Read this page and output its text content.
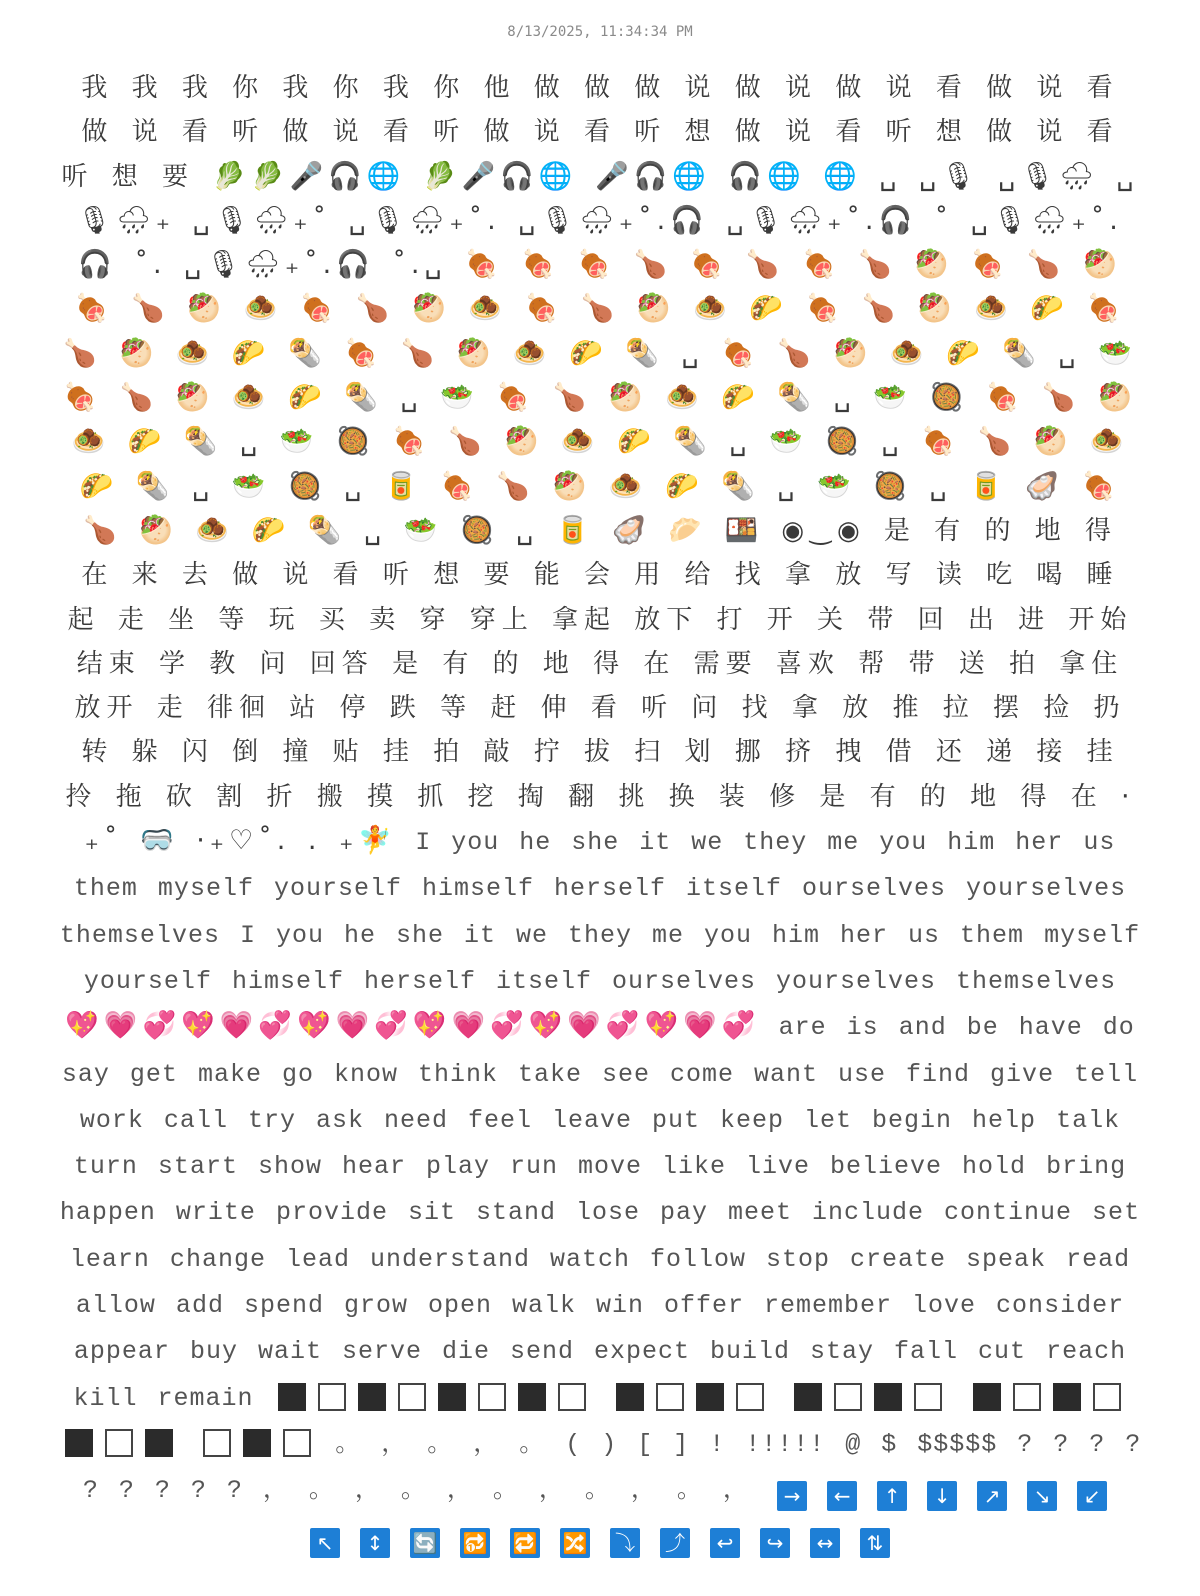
8/13/2025, 11:34:34 PM
我 我 我 你 我 你 我 你 他 做 做 做 说 做 说 做 说 看 做 说 看 做 说 看 听 做 说 看 听 做 说 看 听 想 做 说 看 听 想 做 说 看 听 想 要 🥬🥬🎤🎧🌐 🥬🎤🎧🌐 🎤🎧🌐 🎧🌐 🌐 ␣ ␣🎙 ␣🎙🌧 ␣🎙🌧₊ ␣🎙🌧₊˚ ␣🎙🌧₊˚. ␣🎙🌧₊˚.🎧 ␣🎙🌧₊˚.🎧 ˚ ␣🎙🌧₊˚.🎧 ˚. ␣🎙🌧₊˚.🎧 ˚.␣ 🍖 🍖 🍖 🍗 🍖 🍗 🍖 🍗 🥙 🍖 🍗 🥙 🍖 🍗 🥙 🧆 🍖 🍗 🥙 🧆 🍖 🍗 🥙 🧆 🌮 🍖 🍗 🥙 🧆 🌮 🍖 🍗 🥙 🧆 🌮 🌯 🍖 🍗 🥙 🧆 🌮 🌯 ␣ 🍖 🍗 🥙 🧆 🌮 🌯 ␣ 🥗 🍖 🍗 🥙 🧆 🌮 🌯 ␣ 🥗 🍖 🍗 🥙 🧆 🌮 🌯 ␣ 🥗 🥘 🍖 🍗 🥙 🧆 🌮 🌯 ␣ 🥗 🥘 🍖 🍗 🥙 🧆 🌮 🌯 ␣ 🥗 🥘 ␣ 🍖 🍗 🥙 🧆 🌮 🌯 ␣ 🥗 🥘 ␣ 🥫 🍖 🍗 🥙 🧆 🌮 🌯 ␣ 🥗 🥘 ␣ 🥫 🦪 🍖 🍗 🥙 🧆 🌮 🌯 ␣ 🥗 🥘 ␣ 🥫 🦪 🥟 🍱 ◉‿◉ 是 有 的 地 得 在 来 去 做 说 看 听 想 要 能 会 用 给 找 拿 放 写 读 吃 喝 睡 起 走 坐 等 玩 买 卖 穿 穿上 拿起 放下 打 开 关 带 回 出 进 开始 结束 学 教 问 回答 是 有 的 地 得 在 需要 喜欢 帮 带 送 拍 拿住 放开 走 徘徊 站 停 跌 等 赶 伸 看 听 问 找 拿 放 推 拉 摆 捡 扔 转 躲 闪 倒 撞 贴 挂 拍 敲 拧 拔 扫 划 挪 挤 拽 借 还 递 接 挂 拎 拖 砍 割 折 搬 摸 抓 挖 掏 翻 挑 换 装 修 是 有 的 地 得 在 ·₊˚ 🥽 ·₊♡˚. . ₊🧚 I you he she it we they me you him her us them myself yourself himself herself itself ourselves yourselves themselves I you he she it we they me you him her us them myself yourself himself herself itself ourselves yourselves themselves 💖💗💞💖💗💞💖💗💞💖💗💞💖💗💞💖💗💞 are is and be have do say get make go know think take see come want use find give tell work call try ask need feel leave put keep let begin help talk turn start show hear play run move like live believe hold bring happen write provide sit stand lose pay meet include continue set learn change lead understand watch follow stop create speak read allow add spend grow open walk win offer remember love consider appear buy wait serve die send expect build stay fall cut reach kill remain      。 ， 。 ， 。 ( ) [ ] ! !!!!! @ $ $$$$$ ? ? ? ? ? ? ? ? ? ， 。 ， 。 ， 。 ， 。 ， 。 ， → ← ↑ ↓ ↗ ↘ ↙↖ ↕ 🔄 🔂 🔁 🔀 ⤵ ⤴ ↩ ↪ ↔ ⇅
